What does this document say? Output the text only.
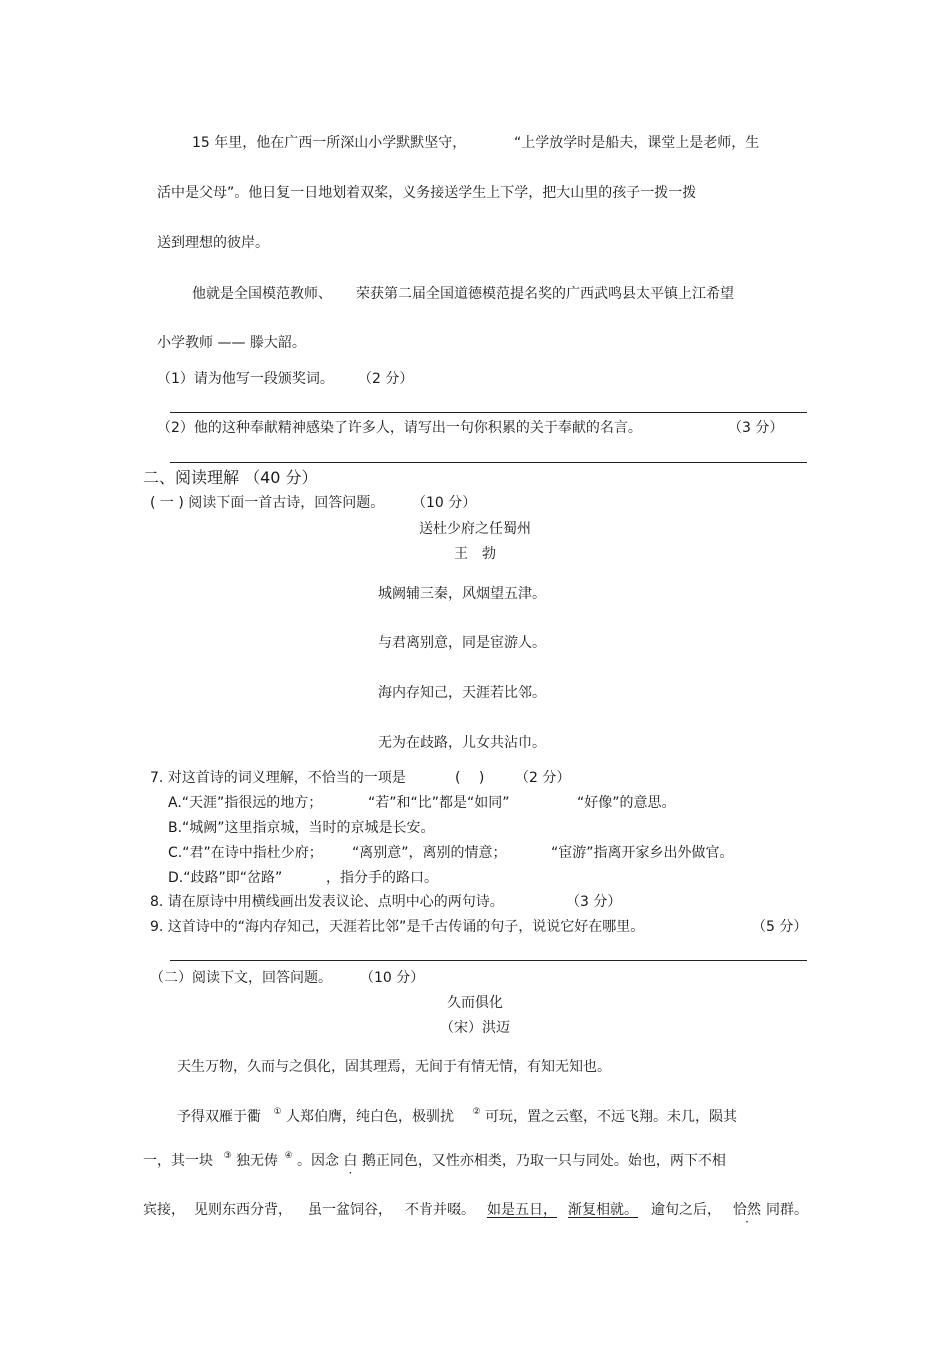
15 年里，他在广西一所深山小学默默坚守，	“上学放学时是船夫，课堂上是老师，生
活中是父母”。他日复一日地划着双桨，义务接送学生上下学，把大山里的孩子一拨一拨
送到理想的彼岸。
他就是全国模范教师、 荣获第二届全国道德模范提名奖的广西武鸣县太平镇上江希望
小学教师 —— 滕大韶。
（1）请为他写一段颁奖词。 （2 分）
（2）他的这种奉献精神感染了许多人，请写出一句你积累的关于奉献的名言。	（3 分）
二、阅读理解 （40 分）
( 一 ) 阅读下面一首古诗，回答问题。 （10 分）
送杜少府之任蜀州
王　勃
城阙辅三秦，风烟望五津。
与君离别意，同是宦游人。
海内存知己，天涯若比邻。
无为在歧路，儿女共沾巾。
7. 对这首诗的词义理解，不恰当的一项是	(　 ) （2 分）
A.“天涯”指很远的地方；	“若”和“比”都是“如同”	“好像”的意思。
B.“城阙”这里指京城，当时的京城是长安。
C.“君”在诗中指杜少府； “离别意”，离别的情意；	“宦游”指离开家乡出外做官。
D.“歧路”即“岔路”	，指分手的路口。
8. 请在原诗中用横线画出发表议论、点明中心的两句诗。	（3 分）
9. 这首诗中的“海内存知己，天涯若比邻”是千古传诵的句子，说说它好在哪里。	（5 分）
（二）阅读下文，回答问题。 （10 分）
久而俱化
（宋）洪迈
天生万物，久而与之俱化，固其理焉，无间于有情无情，有知无知也。
予得双雁于衢 ① 人郑伯膺，纯白色，极驯扰 ② 可玩，置之云壑，不远飞翔。未几，陨其
一，其一块 ③ 独无俦 ④ 。因念 白 鹅正同色，又性亦相类，乃取一只与同处。始也，两下不相
宾接， 见则东西分背， 虽一盆饲谷， 不肯并啜。 如是五日， 渐复相就。 逾旬之后， 恰然 同群。
